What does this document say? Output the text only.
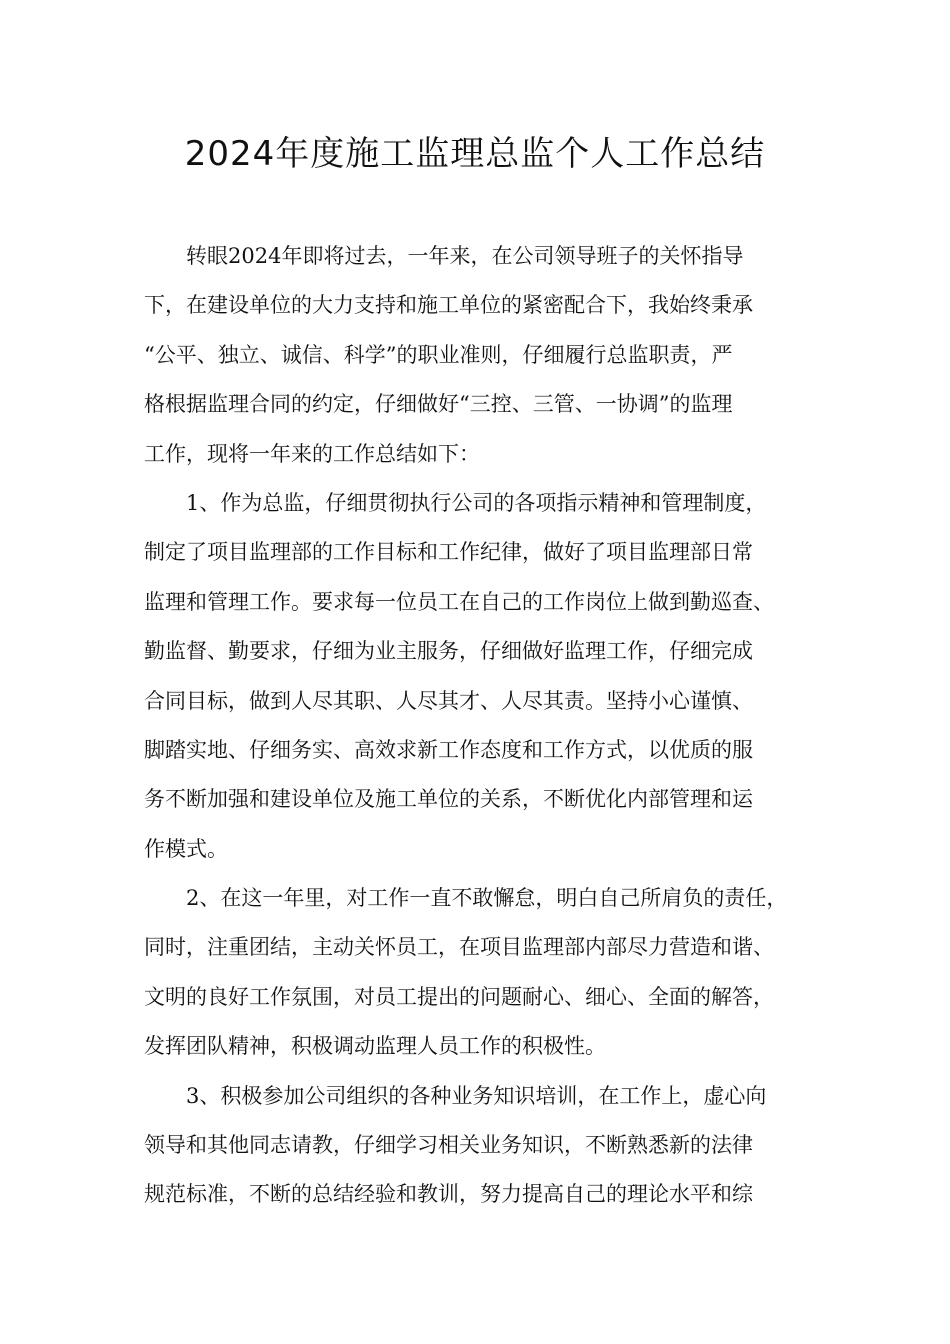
2024年度施工监理总监个人工作总结
转眼2024年即将过去，一年来，在公司领导班子的关怀指导
下，在建设单位的大力支持和施工单位的紧密配合下，我始终秉承
“公平、独立、诚信、科学”的职业准则，仔细履行总监职责，严
格根据监理合同的约定，仔细做好“三控、三管、一协调”的监理
工作，现将一年来的工作总结如下：
1、作为总监，仔细贯彻执行公司的各项指示精神和管理制度，
制定了项目监理部的工作目标和工作纪律，做好了项目监理部日常
监理和管理工作。要求每一位员工在自己的工作岗位上做到勤巡查、
勤监督、勤要求，仔细为业主服务，仔细做好监理工作，仔细完成
合同目标，做到人尽其职、人尽其才、人尽其责。坚持小心谨慎、
脚踏实地、仔细务实、高效求新工作态度和工作方式，以优质的服
务不断加强和建设单位及施工单位的关系，不断优化内部管理和运
作模式。
2、在这一年里，对工作一直不敢懈怠，明白自己所肩负的责任，
同时，注重团结，主动关怀员工，在项目监理部内部尽力营造和谐、
文明的良好工作氛围，对员工提出的问题耐心、细心、全面的解答，
发挥团队精神，积极调动监理人员工作的积极性。
3、积极参加公司组织的各种业务知识培训，在工作上，虚心向
领导和其他同志请教，仔细学习相关业务知识，不断熟悉新的法律
规范标准，不断的总结经验和教训，努力提高自己的理论水平和综
